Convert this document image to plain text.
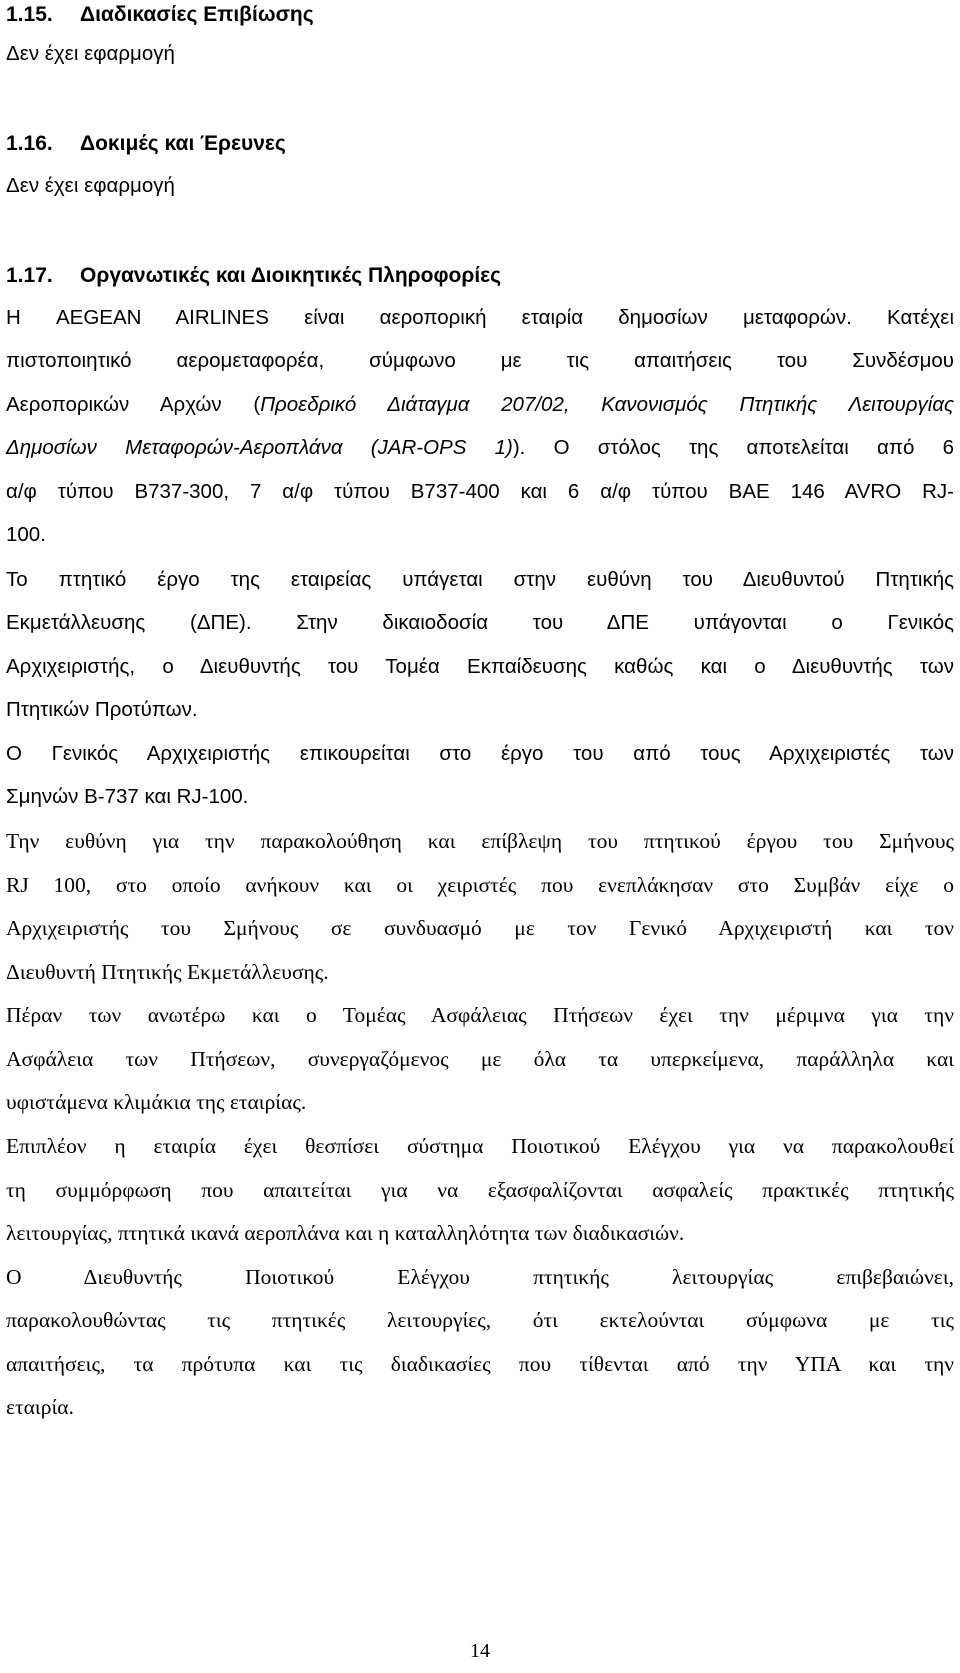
1.15. Διαδικασίες Επιβίωσης
Δεν έχει εφαρμογή
1.16. Δοκιμές και Έρευνες
Δεν έχει εφαρμογή
1.17. Οργανωτικές και Διοικητικές Πληροφορίες
Η AEGEAN AIRLINES είναι αεροπορική εταιρία δημοσίων μεταφορών. Κατέχει
πιστοποιητικό αερομεταφορέα, σύμφωνο με τις απαιτήσεις του Συνδέσμου
Αεροπορικών Αρχών (Προεδρικό Διάταγμα 207/02, Κανονισμός Πτητικής Λειτουργίας
Δημοσίων Μεταφορών-Αεροπλάνα (JAR-OPS 1)). Ο στόλος της αποτελείται από 6
α/φ τύπου B737-300, 7 α/φ τύπου B737-400 και 6 α/φ τύπου BAE 146 AVRO RJ-
100.
Το πτητικό έργο της εταιρείας υπάγεται στην ευθύνη του Διευθυντού Πτητικής
Εκμετάλλευσης (ΔΠΕ). Στην δικαιοδοσία του ΔΠΕ υπάγονται ο Γενικός
Αρχιχειριστής, ο Διευθυντής του Τομέα Εκπαίδευσης καθώς και ο Διευθυντής των
Πτητικών Προτύπων.
Ο Γενικός Αρχιχειριστής επικουρείται στο έργο του από τους Αρχιχειριστές των
Σμηνών Β-737 και RJ-100.
Την ευθύνη για την παρακολούθηση και επίβλεψη του πτητικού έργου του Σμήνους
RJ 100, στο οποίο ανήκουν και οι χειριστές που ενεπλάκησαν στο Συμβάν είχε ο
Αρχιχειριστής του Σμήνους σε συνδυασμό με τον Γενικό Αρχιχειριστή και τον
Διευθυντή Πτητικής Εκμετάλλευσης.
Πέραν των ανωτέρω και ο Τομέας Ασφάλειας Πτήσεων έχει την μέριμνα για την
Ασφάλεια των Πτήσεων, συνεργαζόμενος με όλα τα υπερκείμενα, παράλληλα και
υφιστάμενα κλιμάκια της εταιρίας.
Επιπλέον η εταιρία έχει θεσπίσει σύστημα Ποιοτικού Ελέγχου για να παρακολουθεί
τη συμμόρφωση που απαιτείται για να εξασφαλίζονται ασφαλείς πρακτικές πτητικής
λειτουργίας, πτητικά ικανά αεροπλάνα και η καταλληλότητα των διαδικασιών.
Ο Διευθυντής Ποιοτικού Ελέγχου πτητικής λειτουργίας επιβεβαιώνει,
παρακολουθώντας τις πτητικές λειτουργίες, ότι εκτελούνται σύμφωνα με τις
απαιτήσεις, τα πρότυπα και τις διαδικασίες που τίθενται από την ΥΠΑ και την
εταιρία.
14
